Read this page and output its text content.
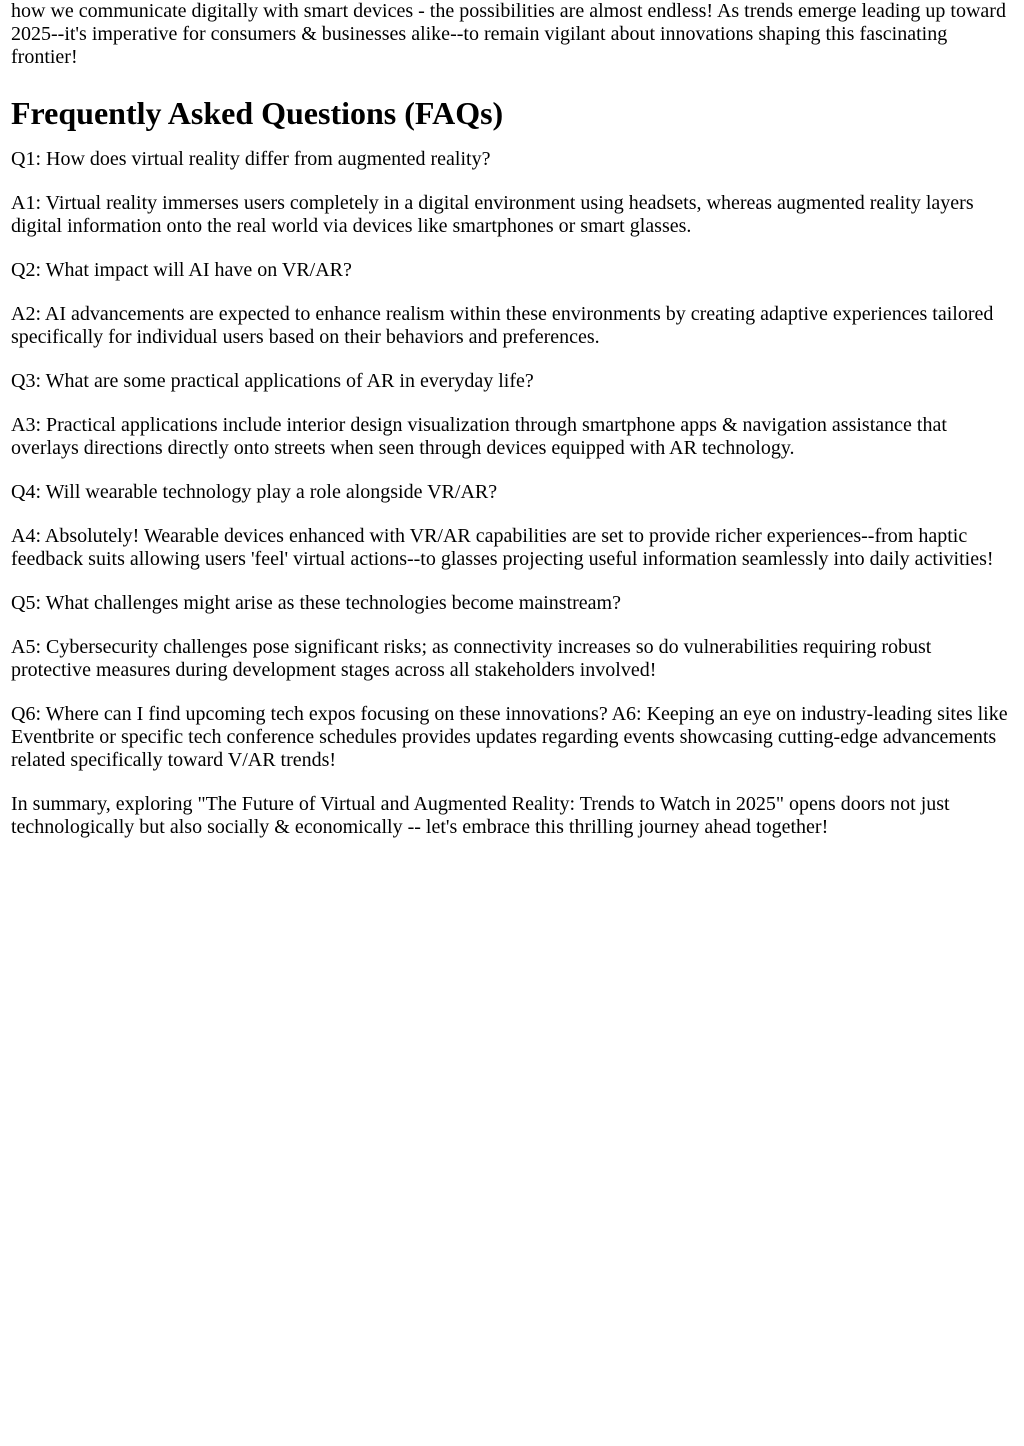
how we communicate digitally with smart devices - the possibilities are almost endless! As trends emerge leading up toward 2025--it's imperative for consumers & businesses alike--to remain vigilant about innovations shaping this fascinating frontier!

Frequently Asked Questions (FAQs)

Q1: How does virtual reality differ from augmented reality?

A1: Virtual reality immerses users completely in a digital environment using headsets, whereas augmented reality layers digital information onto the real world via devices like smartphones or smart glasses.

Q2: What impact will AI have on VR/AR?

A2: AI advancements are expected to enhance realism within these environments by creating adaptive experiences tailored specifically for individual users based on their behaviors and preferences.

Q3: What are some practical applications of AR in everyday life?

A3: Practical applications include interior design visualization through smartphone apps & navigation assistance that overlays directions directly onto streets when seen through devices equipped with AR technology.

Q4: Will wearable technology play a role alongside VR/AR?

A4: Absolutely! Wearable devices enhanced with VR/AR capabilities are set to provide richer experiences--from haptic feedback suits allowing users 'feel' virtual actions--to glasses projecting useful information seamlessly into daily activities!

Q5: What challenges might arise as these technologies become mainstream?

A5: Cybersecurity challenges pose significant risks; as connectivity increases so do vulnerabilities requiring robust protective measures during development stages across all stakeholders involved!

Q6: Where can I find upcoming tech expos focusing on these innovations? A6: Keeping an eye on industry-leading sites like Eventbrite or specific tech conference schedules provides updates regarding events showcasing cutting-edge advancements related specifically toward V/AR trends!

In summary, exploring "The Future of Virtual and Augmented Reality: Trends to Watch in 2025" opens doors not just technologically but also socially & economically -- let's embrace this thrilling journey ahead together!
